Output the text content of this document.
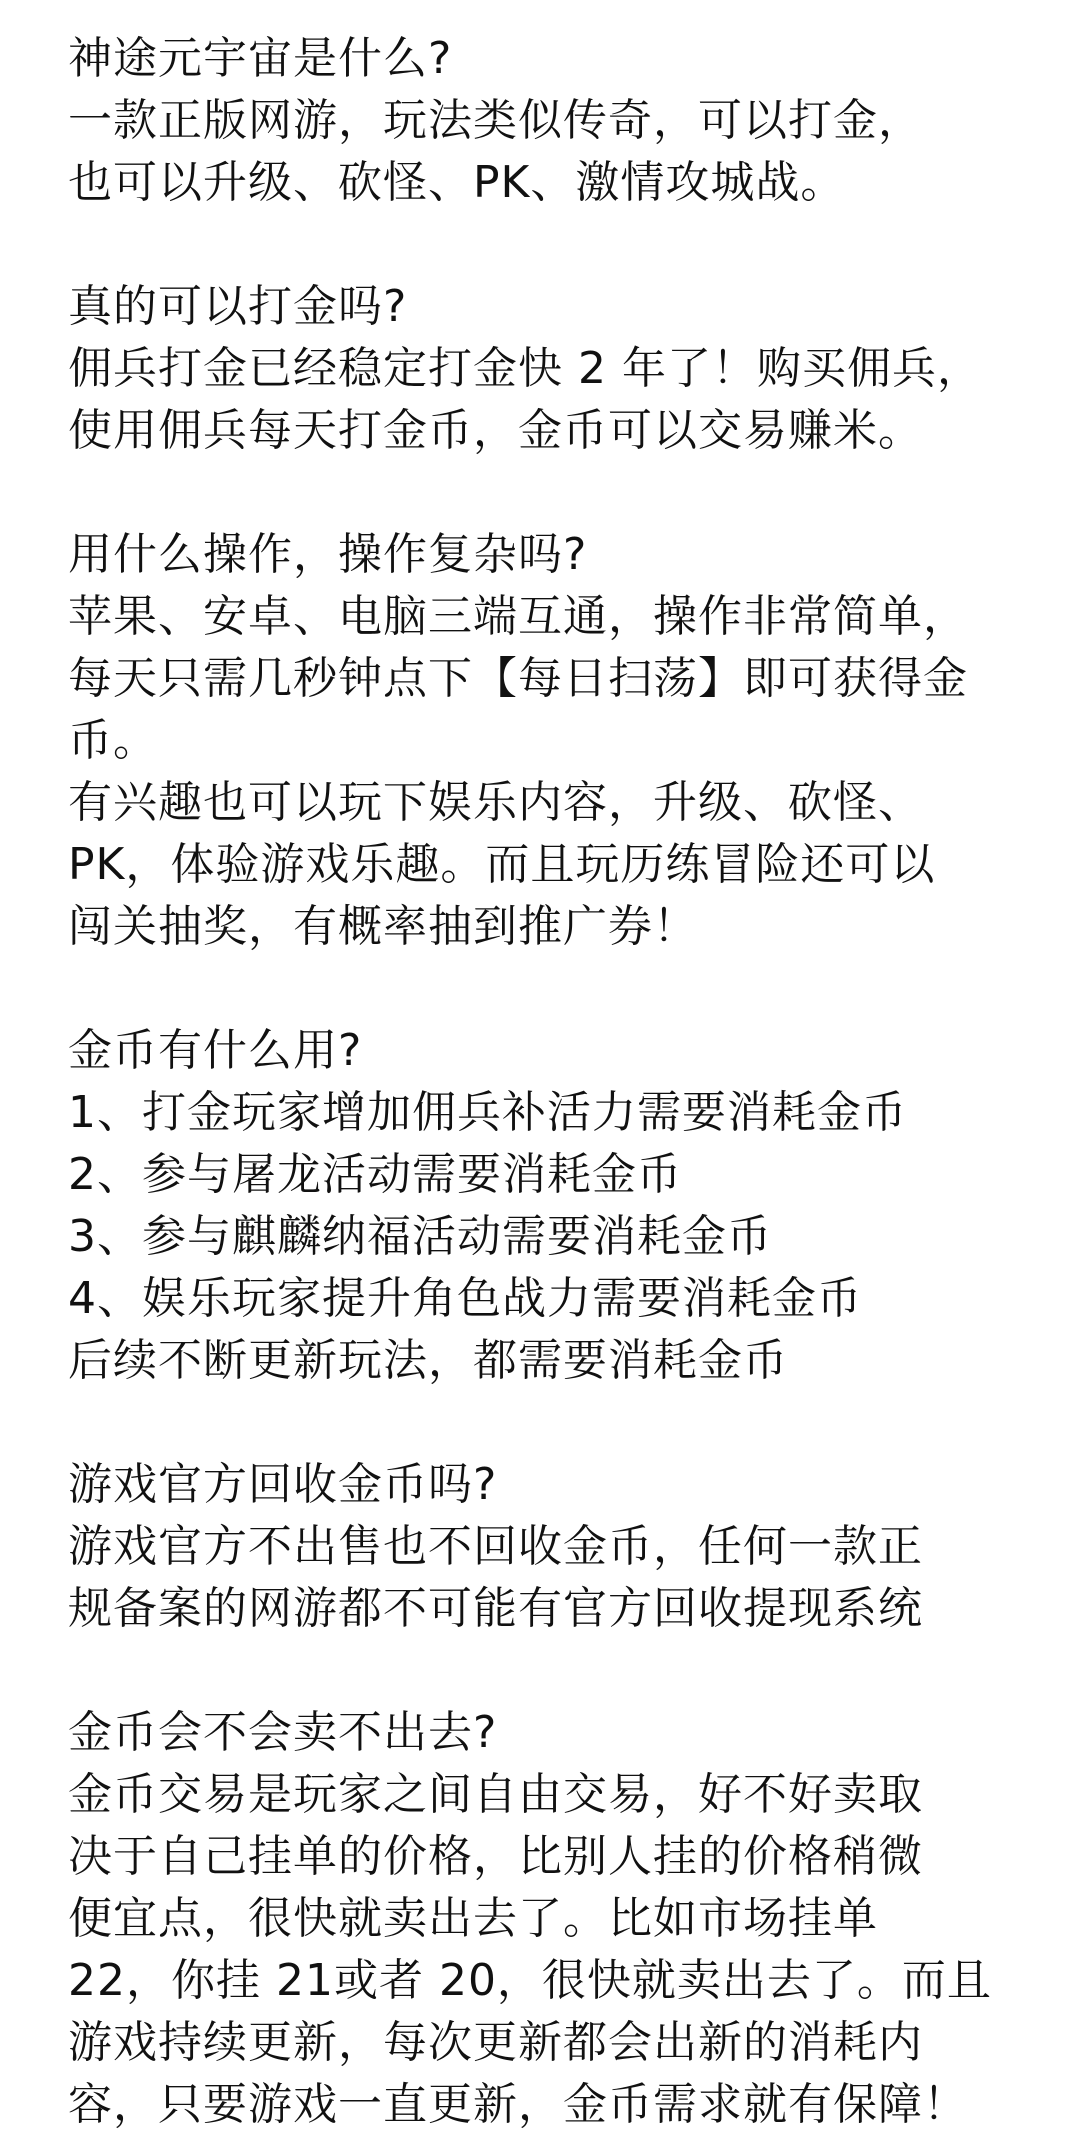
神途元宇宙是什么?

一款正版网游，玩法类似传奇，可以打金，

也可以升级、砍怪、PK、激情攻城战。

真的可以打金吗?

佣兵打金已经稳定打金快 2 年了！购买佣兵，

使用佣兵每天打金币，金币可以交易赚米。

用什么操作，操作复杂吗?

苹果、安卓、电脑三端互通，操作非常简单，

每天只需几秒钟点下【每日扫荡】即可获得金

币。

有兴趣也可以玩下娱乐内容，升级、砍怪、

PK，体验游戏乐趣。而且玩历练冒险还可以

闯关抽奖，有概率抽到推广券！

金币有什么用?

1、打金玩家增加佣兵补活力需要消耗金币

2、参与屠龙活动需要消耗金币

3、参与麒麟纳福活动需要消耗金币

4、娱乐玩家提升角色战力需要消耗金币

后续不断更新玩法，都需要消耗金币

游戏官方回收金币吗?

游戏官方不出售也不回收金币，任何一款正

规备案的网游都不可能有官方回收提现系统

金币会不会卖不出去?

金币交易是玩家之间自由交易，好不好卖取

决于自己挂单的价格，比别人挂的价格稍微

便宜点，很快就卖出去了。比如市场挂单

22，你挂 21或者 20，很快就卖出去了。而且

游戏持续更新，每次更新都会出新的消耗内

容，只要游戏一直更新，金币需求就有保障！
